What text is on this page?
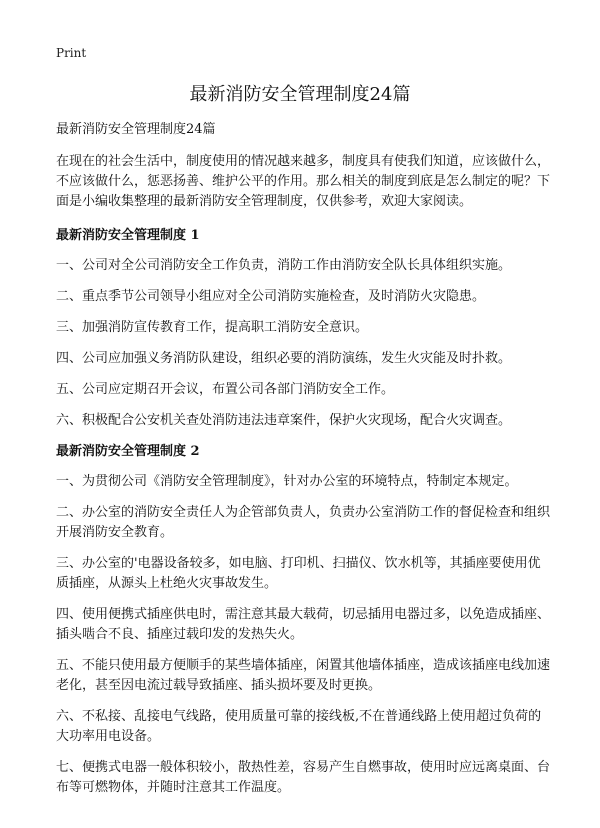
Print

最新消防安全管理制度24篇

最新消防安全管理制度24篇

在现在的社会生活中，制度使用的情况越来越多，制度具有使我们知道，应该做什么，不应该做什么，惩恶扬善、维护公平的作用。那么相关的制度到底是怎么制定的呢？下面是小编收集整理的最新消防安全管理制度，仅供参考，欢迎大家阅读。

最新消防安全管理制度 1

一、公司对全公司消防安全工作负责，消防工作由消防安全队长具体组织实施。

二、重点季节公司领导小组应对全公司消防实施检查，及时消防火灾隐患。

三、加强消防宣传教育工作，提高职工消防安全意识。

四、公司应加强义务消防队建设，组织必要的消防演练，发生火灾能及时扑救。

五、公司应定期召开会议，布置公司各部门消防安全工作。

六、积极配合公安机关查处消防违法违章案件，保护火灾现场，配合火灾调查。

最新消防安全管理制度 2

一、为贯彻公司《消防安全管理制度》，针对办公室的环境特点，特制定本规定。

二、办公室的消防安全责任人为企管部负责人，负责办公室消防工作的督促检查和组织开展消防安全教育。

三、办公室的'电器设备较多，如电脑、打印机、扫描仪、饮水机等，其插座要使用优质插座，从源头上杜绝火灾事故发生。

四、使用便携式插座供电时，需注意其最大载荷，切忌插用电器过多，以免造成插座、插头啮合不良、插座过载印发的发热失火。

五、不能只使用最方便顺手的某些墙体插座，闲置其他墙体插座，造成该插座电线加速老化，甚至因电流过载导致插座、插头损坏要及时更换。

六、不私接、乱接电气线路，使用质量可靠的接线板,不在普通线路上使用超过负荷的大功率用电设备。

七、便携式电器一般体积较小，散热性差，容易产生自燃事故，使用时应远离桌面、台布等可燃物体，并随时注意其工作温度。
